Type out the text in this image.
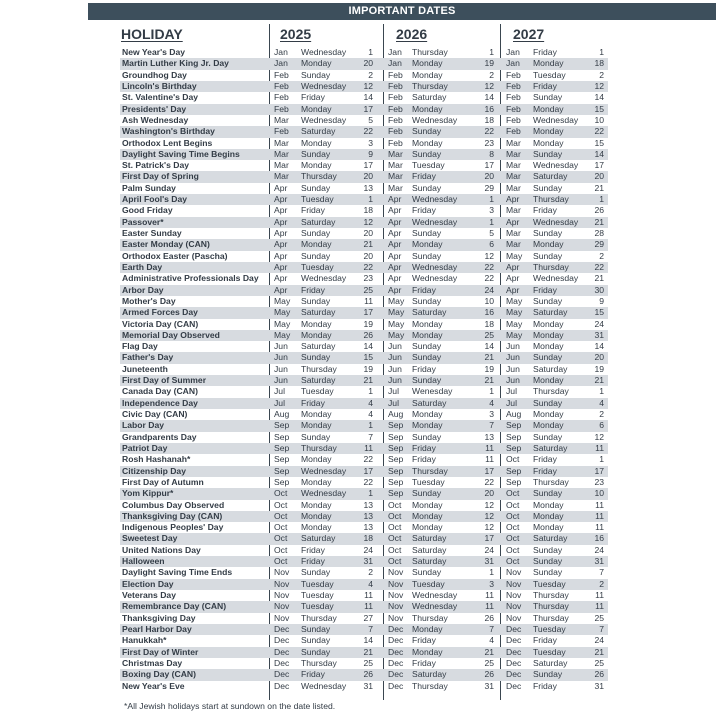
IMPORTANT DATES
HOLIDAY	2025	2026	2027
New Year's Day	Jan Wednesday	1 Jan Thursday	1 Jan Friday	1
Martin Luther King Jr. Day	Jan Monday	20 Jan Monday	19 Jan Monday	18
Groundhog Day	Feb Sunday	2 Feb Monday	2 Feb Tuesday	2
Lincoln's Birthday	Feb Wednesday	12 Feb Thursday	12 Feb Friday	12
St. Valentine's Day	Feb Friday	14 Feb Saturday	14 Feb Sunday	14
Presidents' Day	Feb Monday	17 Feb Monday	16 Feb Monday	15
Ash Wednesday	Mar Wednesday	5 Feb Wednesday	18 Feb Wednesday	10
Washington's Birthday	Feb Saturday	22 Feb Sunday	22 Feb Monday	22
Orthodox Lent Begins	Mar Monday	3 Feb Monday	23 Mar Monday	15
Daylight Saving Time Begins	Mar Sunday	9 Mar Sunday	8 Mar Sunday	14
St. Patrick's Day	Mar Monday	17 Mar Tuesday	17 Mar Wednesday	17
First Day of Spring	Mar Thursday	20 Mar Friday	20 Mar Saturday	20
Palm Sunday	Apr Sunday	13 Mar Sunday	29 Mar Sunday	21
April Fool's Day	Apr Tuesday	1 Apr Wednesday	1 Apr Thursday	1
Good Friday	Apr Friday	18 Apr Friday	3 Mar Friday	26
Passover*	Apr Saturday	12 Apr Wednesday	1 Apr Wednesday	21
Easter Sunday	Apr Sunday	20 Apr Sunday	5 Mar Sunday	28
Easter Monday (CAN)	Apr Monday	21 Apr Monday	6 Mar Monday	29
Orthodox Easter (Pascha)	Apr Sunday	20 Apr Sunday	12 May Sunday	2
Earth Day	Apr Tuesday	22 Apr Wednesday	22 Apr Thursday	22
Administrative Professionals Day Apr Wednesday	23 Apr Wednesday	22 Apr Wednesday	21
Arbor Day	Apr Friday	25 Apr Friday	24 Apr Friday	30
Mother's Day	May Sunday	11 May Sunday	10 May Sunday	9
Armed Forces Day	May Saturday	17 May Saturday	16 May Saturday	15
Victoria Day (CAN)	May Monday	19 May Monday	18 May Monday	24
Memorial Day Observed	May Monday	26 May Monday	25 May Monday	31
Flag Day	Jun Saturday	14 Jun Sunday	14 Jun Monday	14
Father's Day	Jun Sunday	15 Jun Sunday	21 Jun Sunday	20
Juneteenth	Jun Thursday	19 Jun Friday	19 Jun Saturday	19
First Day of Summer	Jun Saturday	21 Jun Sunday	21 Jun Monday	21
Canada Day (CAN)	Jul Tuesday	1 Jul Wenesday	1 Jul Thursday	1
Independence Day	Jul Friday	4 Jul Saturday	4 Jul Sunday	4
Civic Day (CAN)	Aug Monday	4 Aug Monday	3 Aug Monday	2
Labor Day	Sep Monday	1 Sep Monday	7 Sep Monday	6
Grandparents Day	Sep Sunday	7 Sep Sunday	13 Sep Sunday	12
Patriot Day	Sep Thursday	11 Sep Friday	11 Sep Saturday	11
Rosh Hashanah*	Sep Monday	22 Sep Friday	11 Oct Friday	1
Citizenship Day	Sep Wednesday	17 Sep Thursday	17 Sep Friday	17
First Day of Autumn	Sep Monday	22 Sep Tuesday	22 Sep Thursday	23
Yom Kippur*	Oct Wednesday	1 Sep Sunday	20 Oct Sunday	10
Columbus Day Observed	Oct Monday	13 Oct Monday	12 Oct Monday	11
Thanksgiving Day (CAN)	Oct Monday	13 Oct Monday	12 Oct Monday	11
Indigenous Peoples' Day	Oct Monday	13 Oct Monday	12 Oct Monday	11
Sweetest Day	Oct Saturday	18 Oct Saturday	17 Oct Saturday	16
United Nations Day	Oct Friday	24 Oct Saturday	24 Oct Sunday	24
Halloween	Oct Friday	31 Oct Saturday	31 Oct Sunday	31
Daylight Saving Time Ends	Nov Sunday	2 Nov Sunday	1 Nov Sunday	7
Election Day	Nov Tuesday	4 Nov Tuesday	3 Nov Tuesday	2
Veterans Day	Nov Tuesday	11 Nov Wednesday	11 Nov Thursday	11
Remembrance Day (CAN)	Nov Tuesday	11 Nov Wednesday	11 Nov Thursday	11
Thanksgiving Day	Nov Thursday	27 Nov Thursday	26 Nov Thursday	25
Pearl Harbor Day	Dec Sunday	7 Dec Monday	7 Dec Tuesday	7
Hanukkah*	Dec Sunday	14 Dec Friday	4 Dec Friday	24
First Day of Winter	Dec Sunday	21 Dec Monday	21 Dec Tuesday	21
Christmas Day	Dec Thursday	25 Dec Friday	25 Dec Saturday	25
Boxing Day (CAN)	Dec Friday	26 Dec Saturday	26 Dec Sunday	26
New Year's Eve	Dec Wednesday	31 Dec Thursday	31 Dec Friday	31
*All Jewish holidays start at sundown on the date listed.
